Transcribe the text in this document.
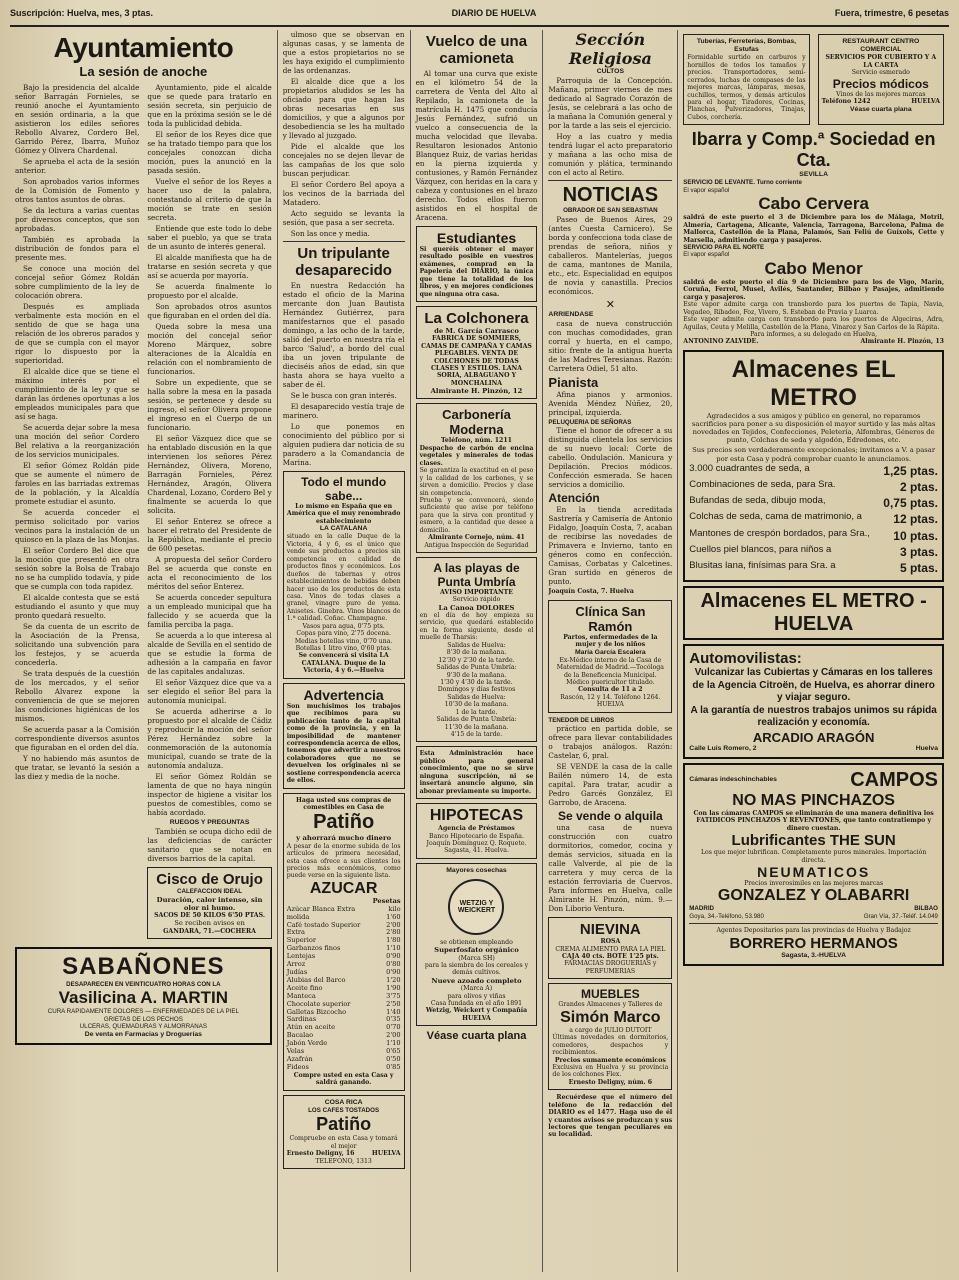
Suscripción: Huelva, mes, 3 ptas.	DIARIO DE HUELVA	Fuera, trimestre, 6 pesetas
Ayuntamiento
La sesión de anoche

Bajo la presidencia del alcalde señor Barragán Fornieles, se reunió anoche el Ayuntamiento en sesión ordinaria, a la que asistieron los ediles señores Rebollo Alvarez, Cordero Bel, Garrido Pérez, Ibarra, Muñoz Gómez y Olivera Chardenal.

Se aprueba el acta de la sesión anterior.

Son aprobados varios informes de la Comisión de Fomento y otros tantos asuntos de obras.

Se da lectura a varias cuentas por diversos conceptos, que son aprobadas.

También es aprobada la distribución de fondos para el presente mes.

Se conoce una moción del concejal señor Gómez Roldán sobre cumplimiento de la ley de colocación obrera.

Después es ampliada verbalmente esta moción en el sentido de que se haga una relación de los obreros parados y de que se cumpla con el mayor rigor lo dispuesto por la superioridad.

El alcalde dice que se tiene el máximo interés por el cumplimiento de la ley y que se darán las órdenes oportunas a los empleados municipales para que así se haga.

Se acuerda dejar sobre la mesa una moción del señor Cordero Bel relativa a la reorganización de los servicios municipales.

El señor Gómez Roldán pide que se aumente el número de faroles en las barriadas extremas de la población, y la Alcaldía promete estudiar el asunto.

Se acuerda conceder el permiso solicitado por varios vecinos para la instalación de un quiosco en la plaza de las Monjas.

El señor Cordero Bel dice que la moción que presentó en otra sesión sobre la Bolsa de Trabajo no se ha cumplido todavía, y pide que se cumpla con toda rapidez.

El alcalde contesta que se está estudiando el asunto y que muy pronto quedará resuelto.

Se da cuenta de un escrito de la Asociación de la Prensa, solicitando una subvención para los festejos, y se acuerda concederla.

Se trata después de la cuestión de los mercados, y el señor Rebollo Alvarez expone la conveniencia de que se mejoren las condiciones higiénicas de los mismos.

Se acuerda pasar a la Comisión correspondiente diversos asuntos que figuraban en el orden del día.

Y no habiendo más asuntos de que tratar, se levantó la sesión a las diez y media de la noche.

Ayuntamiento, pide el alcalde que se quede para tratarlo en sesión secreta, sin perjuicio de que en la próxima sesión se le dé toda la publicidad debida.

El señor de los Reyes dice que se ha tratado tiempo para que los concejales conozcan dicha moción, pues la anunció en la pasada sesión.

Vuelve el señor de los Reyes a hacer uso de la palabra, contestando al criterio de que la moción se trate en sesión secreta.

Entiende que este todo lo debe saber el pueblo, ya que se trata de un asunto de interés general.

El alcalde manifiesta que ha de tratarse en sesión secreta y que así se acuerda por mayoría.

Se acuerda finalmente lo propuesto por el alcalde.

Son aprobados otros asuntos que figuraban en el orden del día.

Queda sobre la mesa una moción del concejal señor Moreno Márquez, sobre alteraciones de la Alcaldía en relación con el nombramiento de funcionarios.

Sobre un expediente, que se halla sobre la mesa en la pasada sesión, se pertenece y desde su ingreso, el señor Olivera propone el ingreso en el Cuerpo de un funcionario.

El señor Vázquez dice que se ha entablado discusión en la que intervienen los señores Pérez Hernández, Olivera, Moreno, Barragán Fornieles, Pérez Hernández, Aragón, Olivera Chardenal, Lozano, Cordero Bel y finalmente se acuerda lo que solicita.

El señor Enterez se ofrece a hacer el retrato del Presidente de la República, mediante el precio de 600 pesetas.

A propuesta del señor Cordero Bel se acuerda que conste en acta el reconocimiento de los méritos del señor Enterez.

Se acuerda conceder sepultura a un empleado municipal que ha fallecido y se acuerda que la familia perciba la paga.

Se acuerda a lo que interesa al alcalde de Sevilla en el sentido de que se estudie la forma de adhesión a la campaña en favor de las capitales andaluzas.

El señor Vázquez dice que va a ser elegido el señor Bel para la autonomía municipal.

Se acuerda adherirse a lo propuesto por el alcalde de Cádiz y reproducir la moción del señor Pérez Hernández sobre la conmemoración de la autonomía municipal, cuando se trate de la autonomía andaluza.

El señor Gómez Roldán se lamenta de que no haya ningún inspector de higiene a visitar los puestos de comestibles, como se había acordado.

RUEGOS Y PREGUNTAS

También se ocupa dicho edil de las deficiencias de carácter sanitario que se notan en diversos barrios de la capital.

Cisco de Orujo
CALEFACCION IDEAL
Duración, calor intenso, sin olor ni humo.
SACOS DE 50 KILOS 6'50 PTAS.
Se reciben avisos en
GANDARA, 71.—COCHERA
SABAÑONES
DESAPARECEN EN VEINTICUATRO HORAS CON LA
Vasilicina A. MARTIN
CURA RAPIDAMENTE DOLORES — ENFERMEDADES DE LA PIEL
GRIETAS DE LOS PECHOS
ULCERAS, QUEMADURAS Y ALMORRANAS
De venta en Farmacias y Droguerías

ulmoso que se observan en algunas casas, y se lamenta de que a estos propietarios no se les haya exigido el cumplimiento de las ordenanzas.

El alcalde dice que a los propietarios aludidos se les ha oficiado para que hagan las obras necesarias en sus domicilios, y que a algunos por desobediencia se les ha multado y llevado al juzgado.

Pide el alcalde que los concejales no se dejen llevar de las campañas de los que solo buscan perjudicar.

El señor Cordero Bel apoya a los vecinos de la barriada del Matadero.

Acto seguido se levanta la sesión, que pasa a ser secreta.

Son las once y media.

Un tripulante desaparecido

En nuestra Redacción ha estado el oficio de la Marina mercante don Juan Bautista Hernández Gutiérrez, para manifestarnos que el pasado domingo, a las ocho de la tarde, salió del puerto en nuestra ría el barco 'Salud', a bordo del cual iba un joven tripulante de dieciséis años de edad, sin que hasta ahora se haya vuelto a saber de él.

Se le busca con gran interés.

El desaparecido vestía traje de marinero.

Lo que ponemos en conocimiento del público por si alguien pudiera dar noticia de su paradero a la Comandancia de Marina.

Todo el mundo sabe...
Lo mismo en España que en América que el muy renombrado establecimiento
LA CATALANA
situado en la calle Duque de la Victoria, 4 y 6, es el único que vende sus productos a precios sin competencia en calidad de productos finos y económicos. Los dueños de tabernas y otros establecimientos de bebidas deben hacer uso de los productos de esta casa. Vinos de todas clases a granel, vinagre puro de yema. Anisetes. Ginebra. Vinos blancos de 1.ª calidad. Coñac. Champagne.
Vasos para agua, 0'75 pts.
Copas para vino, 2'75 docena.
Medias botellas vino, 0'70 una.
Botellas 1 litro vino, 0'60 ptas.
Se convencerá si visita LA CATALANA. Duque de la Victoria, 4 y 6.—Huelva
Advertencia
Son muchísimos los trabajos que recibimos para su publicación tanto de la capital como de la provincia, y en la imposibilidad de mantener correspondencia acerca de ellos, tenemos que advertir a nuestros colaboradores que no se devuelven los originales ni se sostiene correspondencia acerca de ellos.
Haga usted sus compras de comestibles en Casa de
Patiño
y ahorrará mucho dinero
A pesar de la enorme subida de los artículos de primera necesidad, esta casa ofrece a sus clientes los precios más económicos, como puede verse en la siguiente lista.
AZUCAR
	Pesetas
Azúcar Blanca Extra molida	kilo 1'60
Café tostado Superior	2'00
Extra	2'80
Superior	1'80
Garbanzos finos	1'10
Lentejas	0'90
Arroz	0'80
Judías	0'90
Alubias del Barco	1'20
Aceite fino	1'90
Manteca	3'75
Chocolate superior	2'50
Galletas Bizcocho	1'40
Sardinas	0'35
Atún en aceite	0'70
Bacalao	2'00
Jabón Verde	1'10
Velas	0'65
Azafrán	0'50
Fideos	0'85
Compre usted en esta Casa y saldrá ganando.
COSA RICA
LOS CAFES TOSTADOS
Patiño
Compruebe en esta Casa y tomará el mejor
Ernesto Deligny, 16	HUELVA
TELEFONO, 1313
Vuelco de una camioneta

Al tomar una curva que existe en el kilómetro 54 de la carretera de Venta del Alto al Repilado, la camioneta de la matrícula H. 1475 que conducía Jesús Fernández, sufrió un vuelco a consecuencia de la mucha velocidad que llevaba. Resultaron lesionados Antonio Blanquez Ruiz, de varias heridas en la pierna izquierda y contusiones, y Ramón Fernández Vázquez, con heridas en la cara y cabeza y contusiones en el brazo derecho. Todos ellos fueron asistidos en el hospital de Aracena.

Estudiantes
Si queréis obtener el mayor resultado posible en vuestros exámenes, comprad en la Papelería del DIARIO, la única que tiene la totalidad de los libros, y en mejores condiciones que ninguna otra casa.
La Colchonera
de M. García Carrasco
FABRICA DE SOMMIERS, CAMAS DE CAMPAÑA Y CAMAS PLEGABLES. VENTA DE COLCHONES DE TODAS CLASES Y ESTILOS. LANA SORIA, ALBAGUANO Y MONCHALINA
Almirante H. Pinzón, 12
Carbonería Moderna
Teléfono, núm. 1211
Despacho de carbón de encina vegetales y minerales de todas clases.
Se garantiza la exactitud en el peso y la calidad de los carbones, y se sirven a domicilio. Precios y clase sin competencia.
Prueba y se convencerá, siendo suficiente que avise por teléfono para que la sirva con prontitud y esmero, a la cantidad que desee a domicilio.
Almirante Cornejo, núm. 41
Antigua Inspección de Seguridad
A las playas de Punta Umbría
AVISO IMPORTANTE
Servicio rápido
La Canoa DOLORES
en el día de hoy empieza su servicio, que quedará establecido en la forma siguiente, desde el muelle de Tharsis:
Salidas de Huelva:
8'30 de la mañana.
12'30 y 2'30 de la tarde.
Salidas de Punta Umbría:
9'30 de la mañana.
1'30 y 4'30 de la tarde.
Domingos y días festivos
Salidas de Huelva:
10'30 de la mañana.
1 de la tarde.
Salidas de Punta Umbría:
11'30 de la mañana.
4'15 de la tarde.
Esta Administración hace público para general conocimiento, que no se sirve ninguna suscripción, ni se insertará anuncio alguno, sin abonar previamente su importe.
HIPOTECAS
Agencia de Préstamos
Banco Hipotecario de España. Joaquín Domínguez Q. Roquete. Sagasta, 41. Huelva.
Mayores cosechas
WETZIG Y WEICKERT
se obtienen empleando
Superfosfato orgánico
(Marca SH)
para la siembra de los cereales y demás cultivos.
Nueve azoado completo
(Marca A)
para olivos y viñas
Casa fundada en el año 1891
Wetzig, Weickert y Compañía
HUELVA
Véase cuarta plana
Sección Religiosa
CULTOS

Parroquia de la Concepción. Mañana, primer viernes de mes dedicado al Sagrado Corazón de Jesús, se celebrará a las ocho de la mañana la Comunión general y por la tarde a las seis el ejercicio.

Hoy a las cuatro y media tendrá lugar el acto preparatorio y mañana a las ocho misa de comunión y plática, terminando con el acto al Retiro.

NOTICIAS
OBRADOR DE SAN SEBASTIAN

Paseo de Buenos Aires, 29 (antes Cuesta Carnicero). Se borda y confecciona toda clase de prendas de señora, niños y caballeros. Mantelerías, juegos de cama, mantones de Manila, etc., etc. Especialidad en equipos de novia y canastilla. Precios económicos.

✕
ARRIENDASE

casa de nueva construcción con muchas comodidades, gran corral y huerta, en el campo, sitio: frente de la antigua huerta de las Madres Teresianas. Razón: Carretera Odiel, 51 alto.

Pianista

Afina pianos y armonios. Avenida Méndez Núñez, 20, principal, izquierda.

PELUQUERIA DE SEÑORAS

Tiene el honor de ofrecer a su distinguida clientela los servicios de su nuevo local: Corte de cabello. Ondulación. Manicura y Depilación. Precios módicos. Confección esmerada. Se hacen servicios a domicilio.

Atención

En la tienda acreditada Sastrería y Camisería de Antonio Fidalgo, Joaquín Costa, 7, acaban de recibirse las novedades de Primavera e Invierno, tanto en géneros como en confección. Camisas, Corbatas y Calcetines. Gran surtido en géneros de punto.

Joaquín Costa, 7. Huelva
Clínica San Ramón
Partos, enfermedades de la mujer y de los niños
María García Escalera
Ex-Médico interno de la Casa de Maternidad de Madrid.—Tocóloga de la Beneficencia Municipal. Médico puericultor titulado.
Consulta de 11 a 2
Rascón, 12 y 14. Teléfono 1264. HUELVA
TENEDOR DE LIBROS

práctico en partida doble, se ofrece para llevar contabilidades o trabajos análogos. Razón: Castelar, 6, pral.

SE VENDE la casa de la calle Bailén número 14, de esta capital. Para tratar, acudir a Pedro Garcés González, El Garrobo, de Aracena.

Se vende o alquila

una casa de nueva construcción con cuatro dormitorios, comedor, cocina y demás servicios, situada en la calle Valverde, al pie de la carretera y muy cerca de la estación ferroviaria de Cuervos. Para informes en Huelva, calle Almirante H. Pinzón, núm. 9.—Don Liborio Ventura.

NIEVINA
ROSA
CREMA ALIMENTO PARA LA PIEL
CAJA 40 cts. BOTE 1'25 pts.
FARMACIAS DROGUERIAS y PERFUMERIAS
MUEBLES
Grandes Almacenes y Talleres de
Simón Marco
a cargo de JULIO DUTOIT
Últimas novedades en dormitorios, comedores, despachos y recibimientos.
Precios sumamente económicos
Exclusiva en Huelva y su provincia de los colchones Flex.
Ernesto Deligny, núm. 6

Recuérdese que el número del teléfono de la redacción del DIARIO es el 1477. Haga uso de él y cuantos avisos se produzcan y sus lectores que tengan peculiares en su localidad.

Tuberías, Ferreterías, Bombas, Estufas
Formidable surtido en carburos y hornillos de todos los tamaños y precios. Transportadores, semi-cerrados, luchas de compases de las mejores marcas, lámparas, mesas, cuchillos, termos, y demás artículos para el hogar, Tiradores, Cocinas, Planchas, Pulverizadores, Tinajas, Cubos, corchería.
RESTAURANT CENTRO COMERCIAL
SERVICIOS POR CUBIERTO Y A LA CARTA
Servicio esmerado
Precios módicos
Vinos de las mejores marcas
Teléfono 1242	HUELVA
Véase cuarta plana
Ibarra y Comp.ª Sociedad en Cta.
SEVILLA
SERVICIO DE LEVANTE. Turno corriente
El vapor español
Cabo Cervera
saldrá de este puerto el 3 de Diciembre para los de Málaga, Motril, Almería, Cartagena, Alicante, Valencia, Tarragona, Barcelona, Palma de Mallorca, Castellón de la Plana, Palamós, San Feliú de Guíxols, Cette y Marsella, admitiendo carga y pasajeros.
SERVICIO PARA EL NORTE
El vapor español
Cabo Menor
saldrá de este puerto el día 9 de Diciembre para los de Vigo, Marín, Coruña, Ferrol, Musel, Avilés, Santander, Bilbao y Pasajes, admitiendo carga y pasajeros.
Este vapor admite carga con transbordo para los puertos de Tapia, Navia, Vegadeo, Ribadeo, Foz, Vivero, S. Esteban de Pravia y Luarca.
Este vapor admite carga con transbordo para los puertos de Algeciras, Adra, Aguilas, Ceuta y Melilla, Castellón de la Plana, Vinaroz y San Carlos de la Rápita.
Para informes, a su delegado en Huelva,
ANTONINO ZALVIDE.	Almirante H. Pinzón, 13
Almacenes EL METRO
Agradecidos a sus amigos y público en general, no reparamos sacrificios para poner a su disposición el mayor surtido y las más altas novedades en Tejidos, Confecciones, Peletería, Alfombras, Géneros de punto, Colchas de seda y algodón, Edredones, etc.
Sus precios son verdaderamente excepcionales; invitamos a V. a pasar por esta Casa y podrá comprobar cuanto le anunciamos.
3.000 cuadrantes de seda, a	1,25 ptas.
Combinaciones de seda, para Sra.	2 ptas.
Bufandas de seda, dibujo moda,	0,75 ptas.
Colchas de seda, cama de matrimonio, a	12 ptas.
Mantones de crespón bordados, para Sra., 10 ptas.
Cuellos piel blancos, para niños a	3 ptas.
Blusitas lana, finísimas para Sra. a	5 ptas.
Almacenes EL METRO - HUELVA
Automovilistas:
Vulcanizar las Cubiertas y Cámaras en los talleres de la Agencia Citroën, de Huelva, es ahorrar dinero y viajar seguro.
A la garantía de nuestros trabajos unimos su rápida realización y economía.
ARCADIO ARAGÓN
Calle Luis Romero, 2	Huelva
Cámaras indeschinchables	CAMPOS
NO MAS PINCHAZOS
Con las cámaras CAMPOS se eliminarán de una manera definitiva los FATIDICOS PINCHAZOS Y REVENTONES, que tanto contratiempo y dinero cuestan.
Lubrificantes THE SUN
Los que mejor lubrifican. Completamente puros minerales. Importación directa.
NEUMATICOS
Precios inverosímiles en las mejores marcas
GONZALEZ Y OLABARRI
MADRID	BILBAO
Goya, 34.-Teléfono, 53.980	Gran Vía, 37.-Teléf. 14.049
Agentes Depositarios para las provincias de Huelva y Badajoz
BORRERO HERMANOS
Sagasta, 3.-HUELVA
